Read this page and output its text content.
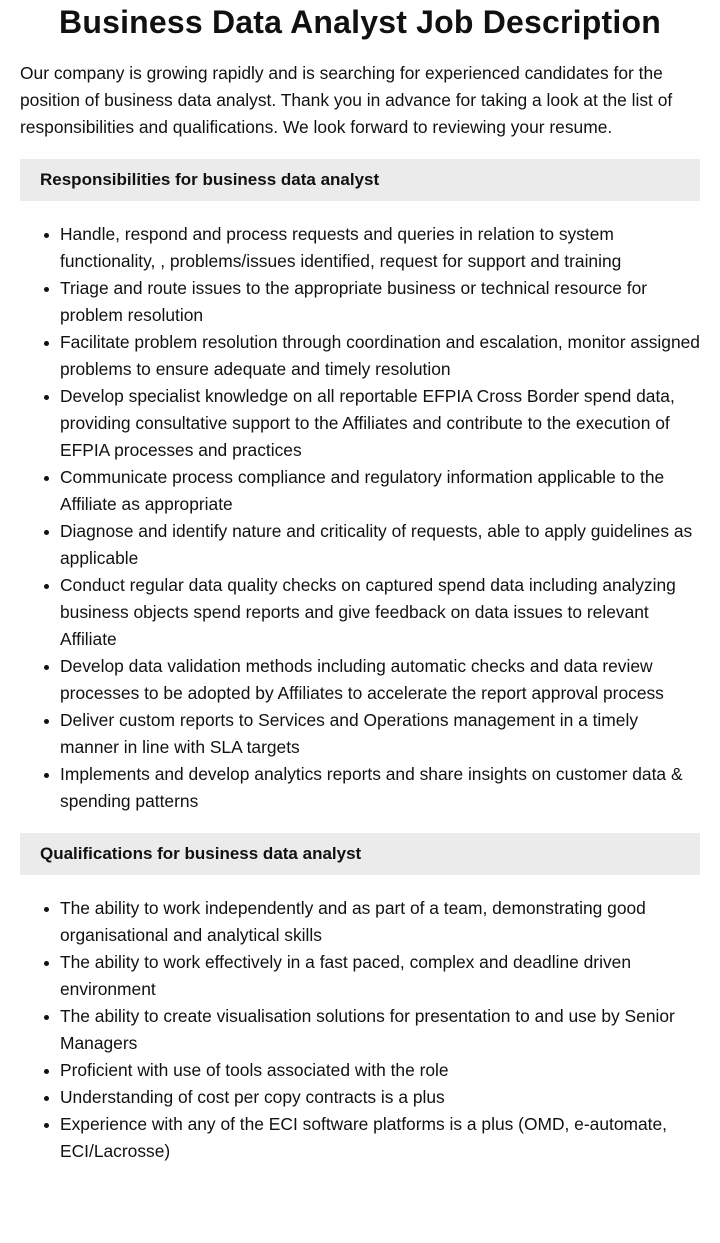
Business Data Analyst Job Description

Our company is growing rapidly and is searching for experienced candidates for the position of business data analyst. Thank you in advance for taking a look at the list of responsibilities and qualifications. We look forward to reviewing your resume.

Responsibilities for business data analyst
Handle, respond and process requests and queries in relation to system functionality, , problems/issues identified, request for support and training
Triage and route issues to the appropriate business or technical resource for problem resolution
Facilitate problem resolution through coordination and escalation, monitor assigned problems to ensure adequate and timely resolution
Develop specialist knowledge on all reportable EFPIA Cross Border spend data, providing consultative support to the Affiliates and contribute to the execution of EFPIA processes and practices
Communicate process compliance and regulatory information applicable to the Affiliate as appropriate
Diagnose and identify nature and criticality of requests, able to apply guidelines as applicable
Conduct regular data quality checks on captured spend data including analyzing business objects spend reports and give feedback on data issues to relevant Affiliate
Develop data validation methods including automatic checks and data review processes to be adopted by Affiliates to accelerate the report approval process
Deliver custom reports to Services and Operations management in a timely manner in line with SLA targets
Implements and develop analytics reports and share insights on customer data & spending patterns
Qualifications for business data analyst
The ability to work independently and as part of a team, demonstrating good organisational and analytical skills
The ability to work effectively in a fast paced, complex and deadline driven environment
The ability to create visualisation solutions for presentation to and use by Senior Managers
Proficient with use of tools associated with the role
Understanding of cost per copy contracts is a plus
Experience with any of the ECI software platforms is a plus (OMD, e-automate, ECI/Lacrosse)
